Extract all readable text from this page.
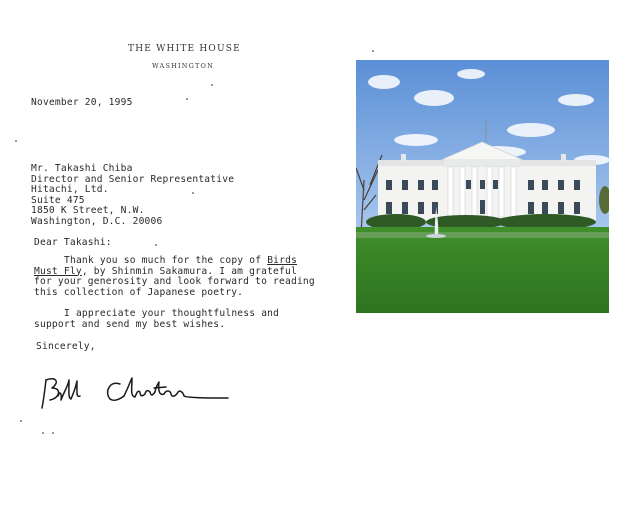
THE WHITE HOUSE
WASHINGTON
November 20, 1995
Mr. Takashi Chiba
Director and Senior Representative
Hitachi, Ltd.
Suite 475
1850 K Street, N.W.
Washington, D.C. 20006
Dear Takashi:
Thank you so much for the copy of Birds
Must Fly, by Shinmin Sakamura. I am grateful
for your generosity and look forward to reading
this collection of Japanese poetry.
I appreciate your thoughtfulness and
support and send my best wishes.
Sincerely,
